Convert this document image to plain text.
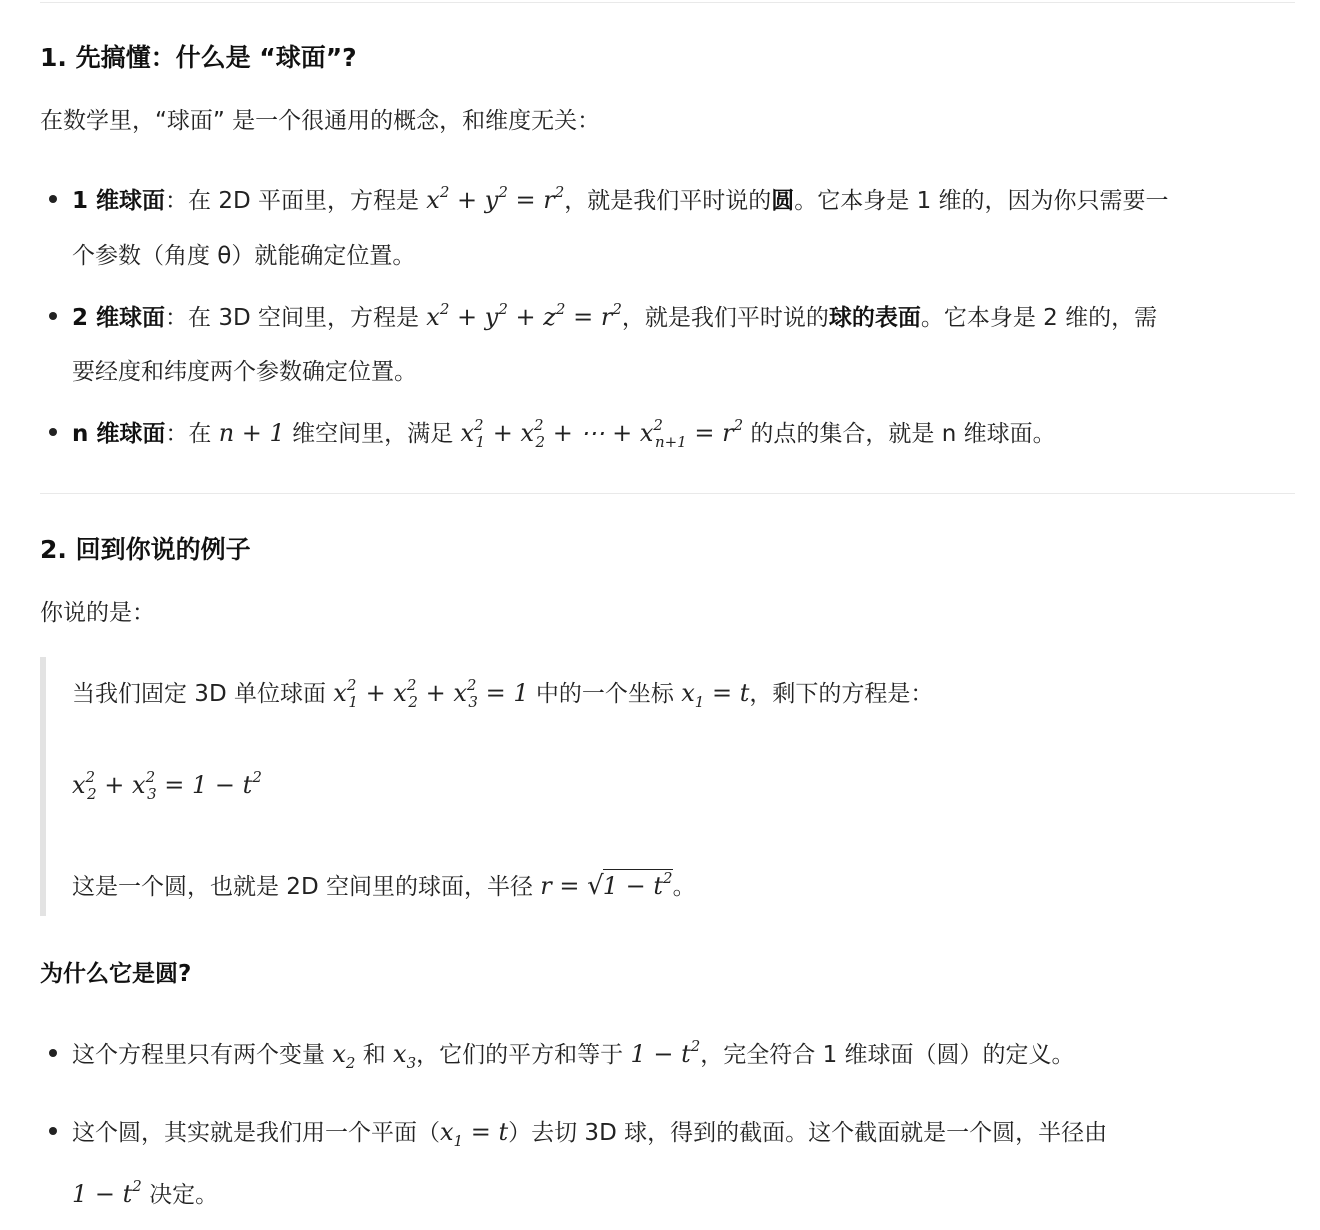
1. 先搞懂：什么是 “球面”?
在数学里，“球面” 是一个很通用的概念，和维度无关：
1 维球面：在 2D 平面里，方程是 $x^2 + y^2 = r^2$，就是我们平时说的圆。它本身是 1 维的，因为你只需要一
个参数（角度 θ）就能确定位置。
2 维球面：在 3D 空间里，方程是 $x^2 + y^2 + z^2 = r^2$，就是我们平时说的球的表面。它本身是 2 维的，需
要经度和纬度两个参数确定位置。
n 维球面：在 n + 1 维空间里，满足 $x^2_1 + x^2_2$ + ⋯ + $x^2_{n+1} = r^2$ 的点的集合，就是 n 维球面。
2. 回到你说的例子
你说的是：
当我们固定 3D 单位球面 $x^2_1 + x^2_2 + x^2_3 = 1$ 中的一个坐标 $x_1 = t$，剩下的方程是：
$x^2_2 + x^2_3 = 1 - t^2$
这是一个圆，也就是 2D 空间里的球面，半径 $r = √1 - t^2$。
为什么它是圆?
这个方程里只有两个变量 $x_2$ 和 $x_3$，它们的平方和等于 $1 - t^2$，完全符合 1 维球面（圆）的定义。
这个圆，其实就是我们用一个平面$(x_1 = t)$去切 3D 球，得到的截面。这个截面就是一个圆，半径由
$1 - t^2$ 决定。
